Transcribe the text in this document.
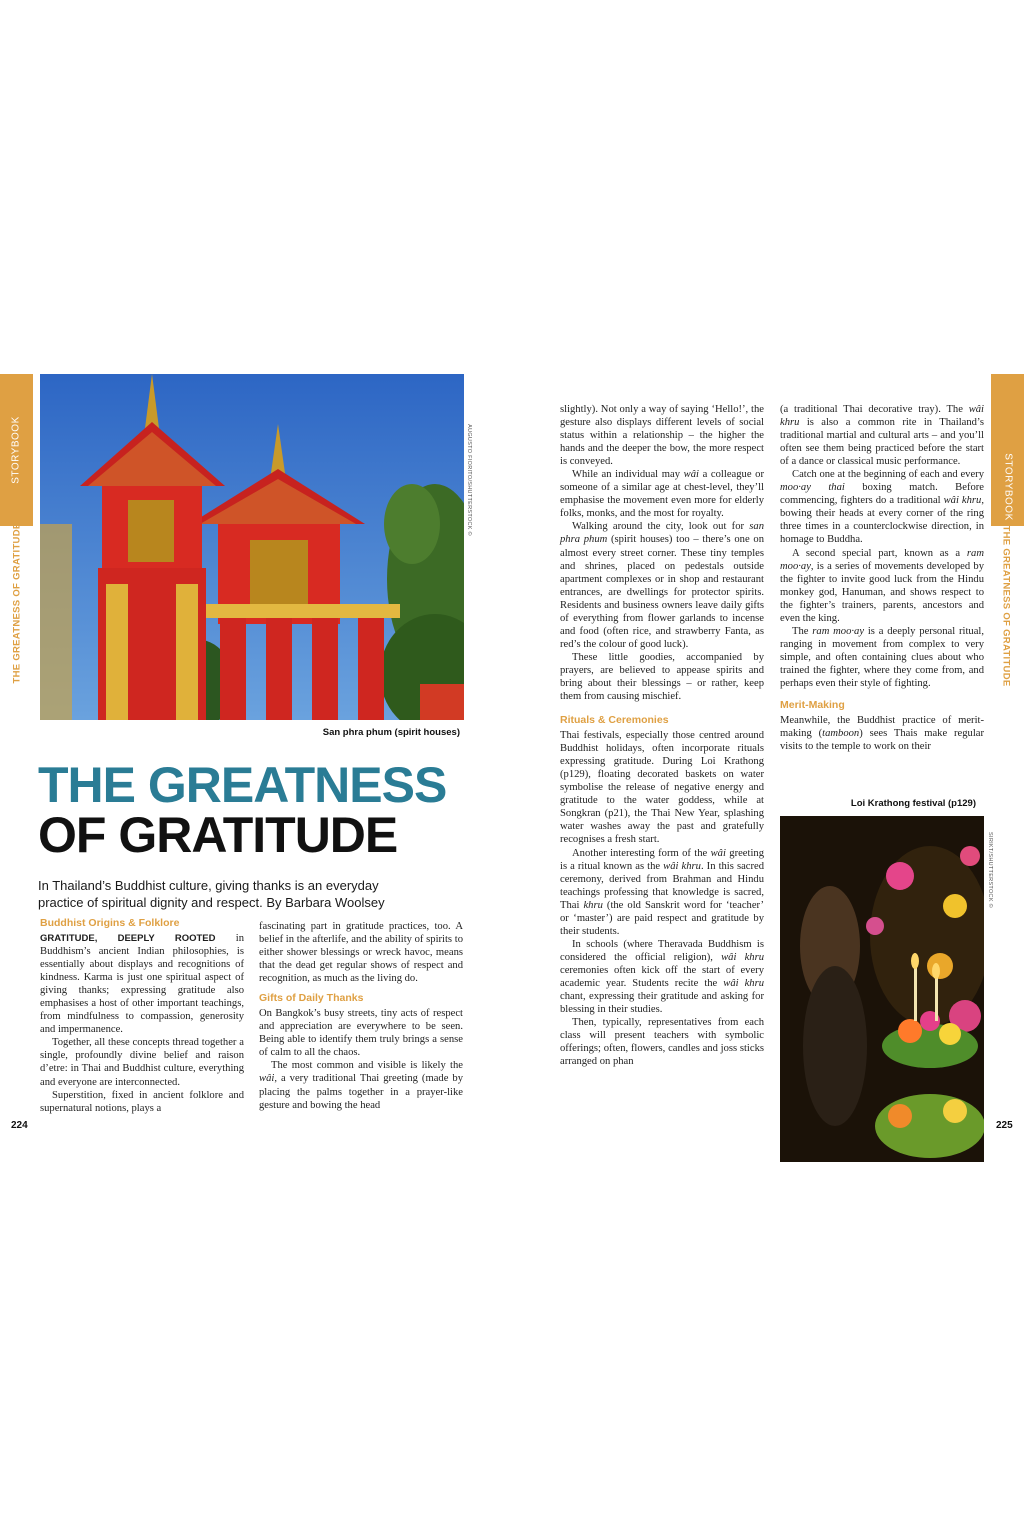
STORYBOOK
THE GREATNESS OF GRATITUDE
AUGUSTO FIORITO/SHUTTERSTOCK ©
San phra phum (spirit houses)
THE GREATNESS
OF GRATITUDE
In Thailand’s Buddhist culture, giving thanks is an everyday practice of spiritual dignity and respect. By Barbara Woolsey
Buddhist Origins & Folklore

GRATITUDE, DEEPLY ROOTED in Buddhism’s ancient Indian philosophies, is essentially about displays and recognitions of kindness. Karma is just one spiritual aspect of giving thanks; expressing gratitude also emphasises a host of other important teachings, from mindfulness to compassion, generosity and impermanence.

Together, all these concepts thread together a single, profoundly divine belief and raison d’etre: in Thai and Buddhist culture, everything and everyone are interconnected.

Superstition, fixed in ancient folklore and supernatural notions, plays a

fascinating part in gratitude practices, too. A belief in the afterlife, and the ability of spirits to either shower blessings or wreck havoc, means that the dead get regular shows of respect and recognition, as much as the living do.

Gifts of Daily Thanks

On Bangkok’s busy streets, tiny acts of respect and appreciation are everywhere to be seen. Being able to identify them truly brings a sense of calm to all the chaos.

The most common and visible is likely the wâi, a very traditional Thai greeting (made by placing the palms together in a prayer-like gesture and bowing the head

224

slightly). Not only a way of saying ‘Hello!’, the gesture also displays different levels of social status within a relationship – the higher the hands and the deeper the bow, the more respect is conveyed.

While an individual may wâi a colleague or someone of a similar age at chest-level, they’ll emphasise the movement even more for elderly folks, monks, and the most for royalty.

Walking around the city, look out for san phra phum (spirit houses) too – there’s one on almost every street corner. These tiny temples and shrines, placed on pedestals outside apartment complexes or in shop and restaurant entrances, are dwellings for protector spirits. Residents and business owners leave daily gifts of everything from flower garlands to incense and food (often rice, and strawberry Fanta, as red’s the colour of good luck).

These little goodies, accompanied by prayers, are believed to appease spirits and bring about their blessings – or rather, keep them from causing mischief.

Rituals & Ceremonies

Thai festivals, especially those centred around Buddhist holidays, often incorporate rituals expressing gratitude. During Loi Krathong (p129), floating decorated baskets on water symbolise the release of negative energy and gratitude to the water goddess, while at Songkran (p21), the Thai New Year, splashing water washes away the past and gratefully recognises a fresh start.

Another interesting form of the wâi greeting is a ritual known as the wâi khru. In this sacred ceremony, derived from Brahman and Hindu teachings professing that knowledge is sacred, Thai khru (the old Sanskrit word for ‘teacher’ or ‘master’) are paid respect and gratitude by their students.

In schools (where Theravada Buddhism is considered the official religion), wâi khru ceremonies often kick off the start of every academic year. Students recite the wâi khru chant, expressing their gratitude and asking for blessing in their studies.

Then, typically, representatives from each class will present teachers with symbolic offerings; often, flowers, candles and joss sticks arranged on phan

(a traditional Thai decorative tray). The wâi khru is also a common rite in Thailand’s traditional martial and cultural arts – and you’ll often see them being practiced before the start of a dance or classical music performance.

Catch one at the beginning of each and every moo·ay thai boxing match. Before commencing, fighters do a traditional wâi khru, bowing their heads at every corner of the ring three times in a counterclockwise direction, in homage to Buddha.

A second special part, known as a ram moo·ay, is a series of movements developed by the fighter to invite good luck from the Hindu monkey god, Hanuman, and shows respect to the fighter’s trainers, parents, ancestors and even the king.

The ram moo·ay is a deeply personal ritual, ranging in movement from complex to very simple, and often containing clues about who trained the fighter, where they come from, and perhaps even their style of fighting.

Merit-Making

Meanwhile, the Buddhist practice of merit-making (tamboon) sees Thais make regular visits to the temple to work on their

Loi Krathong festival (p129)
SIRIKT/SHUTTERSTOCK ©
STORYBOOK
THE GREATNESS OF GRATITUDE
225
